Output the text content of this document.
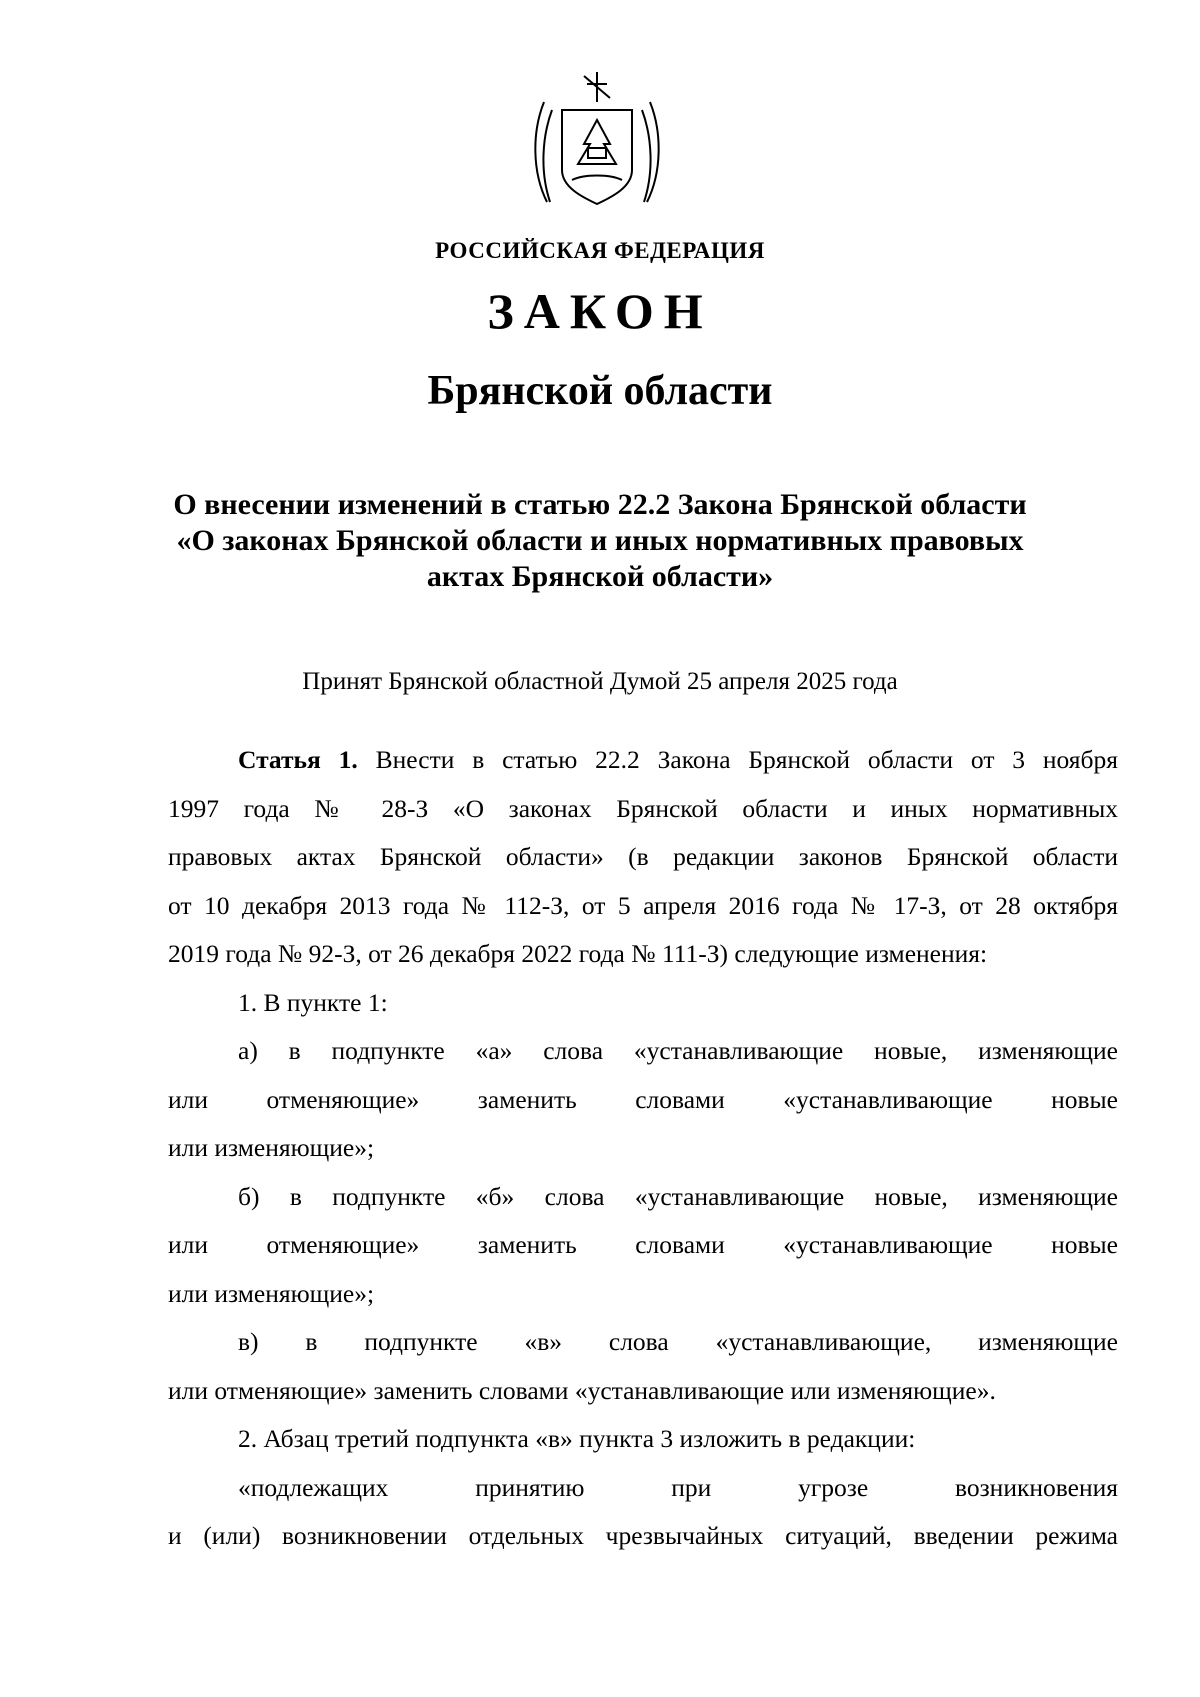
РОССИЙСКАЯ ФЕДЕРАЦИЯ
ЗАКОН
Брянской области
О внесении изменений в статью 22.2 Закона Брянской области
«О законах Брянской области и иных нормативных правовых
актах Брянской области»
Принят Брянской областной Думой 25 апреля 2025 года

Статья 1. Внести в статью 22.2 Закона Брянской области от 3 ноября

1997 года № 28-З «О законах Брянской области и иных нормативных

правовых актах Брянской области» (в редакции законов Брянской области

от 10 декабря 2013 года № 112-З, от 5 апреля 2016 года № 17-З, от 28 октября

2019 года № 92-З, от 26 декабря 2022 года № 111-З) следующие изменения:

1. В пункте 1:

а) в подпункте «а» слова «устанавливающие новые, изменяющие

или отменяющие» заменить словами «устанавливающие новые

или изменяющие»;

б) в подпункте «б» слова «устанавливающие новые, изменяющие

или отменяющие» заменить словами «устанавливающие новые

или изменяющие»;

в) в подпункте «в» слова «устанавливающие, изменяющие

или отменяющие» заменить словами «устанавливающие или изменяющие».

2. Абзац третий подпункта «в» пункта 3 изложить в редакции:

«подлежащих принятию при угрозе возникновения

и (или) возникновении отдельных чрезвычайных ситуаций, введении режима
